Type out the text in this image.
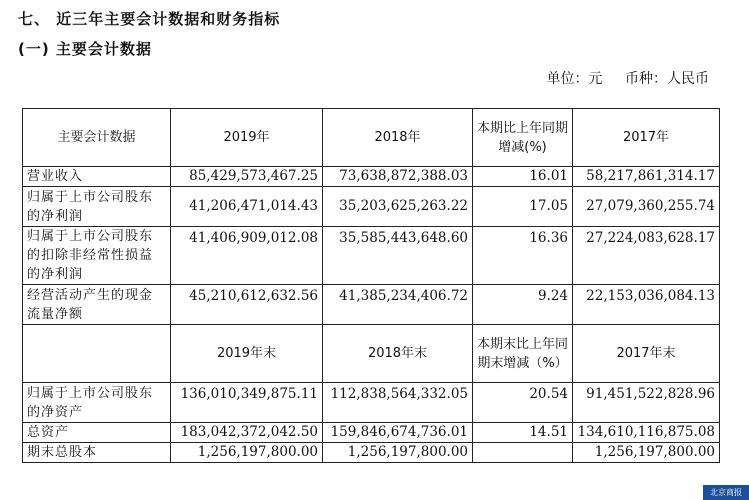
七、 近三年主要会计数据和财务指标
(一) 主要会计数据
单位：元 币种：人民币
主要会计数据	2019年	2018年	本期比上年同期增减(%)	2017年
营业收入	85,429,573,467.25	73,638,872,388.03	16.01	58,217,861,314.17
归属于上市公司股东的净利润	41,206,471,014.43	35,203,625,263.22	17.05	27,079,360,255.74
归属于上市公司股东的扣除非经常性损益的净利润	41,406,909,012.08	35,585,443,648.60	16.36	27,224,083,628.17
经营活动产生的现金流量净额	45,210,612,632.56	41,385,234,406.72	9.24	22,153,036,084.13
	2019年末	2018年末	本期末比上年同期末增减（%）	2017年末
归属于上市公司股东的净资产	136,010,349,875.11	112,838,564,332.05	20.54	91,451,522,828.96
总资产	183,042,372,042.50	159,846,674,736.01	14.51	134,610,116,875.08
期末总股本	1,256,197,800.00	1,256,197,800.00		1,256,197,800.00
北京商报
